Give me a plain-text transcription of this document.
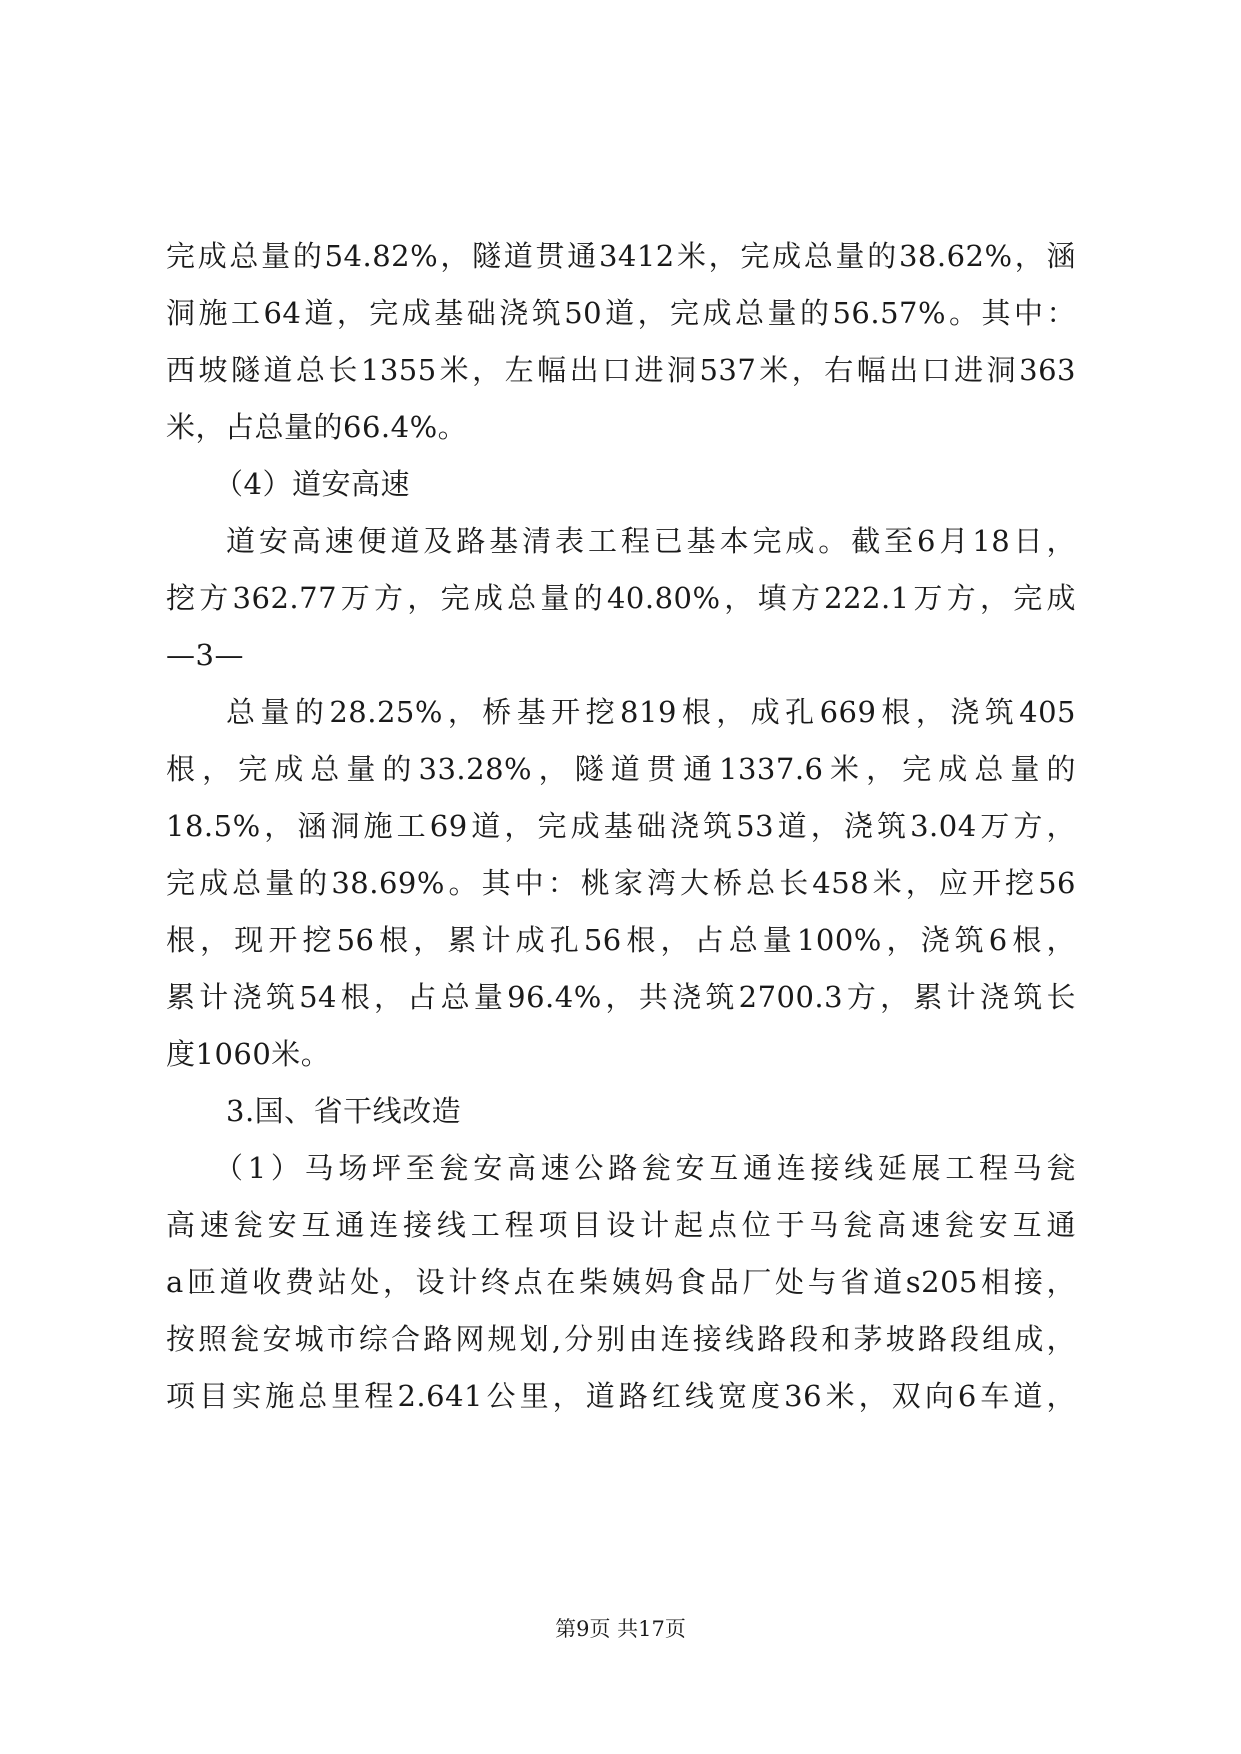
完成总量的54.82%，隧道贯通3412米，完成总量的38.62%，涵
洞施工64道，完成基础浇筑50道，完成总量的56.57%。其中：
西坡隧道总长1355米，左幅出口进洞537米，右幅出口进洞363
米，占总量的66.4%。
（4）道安高速
道安高速便道及路基清表工程已基本完成。截至6月18日，
挖方362.77万方，完成总量的40.80%，填方222.1万方，完成
—3—
总量的28.25%，桥基开挖819根，成孔669根，浇筑405
根，完成总量的33.28%，隧道贯通1337.6米，完成总量的
18.5%，涵洞施工69道，完成基础浇筑53道，浇筑3.04万方，
完成总量的38.69%。其中：桃家湾大桥总长458米，应开挖56
根，现开挖56根，累计成孔56根，占总量100%，浇筑6根，
累计浇筑54根，占总量96.4%，共浇筑2700.3方，累计浇筑长
度1060米。
3.国、省干线改造
（1）马场坪至瓮安高速公路瓮安互通连接线延展工程马瓮
高速瓮安互通连接线工程项目设计起点位于马瓮高速瓮安互通
a匝道收费站处，设计终点在柴姨妈食品厂处与省道s205相接，
按照瓮安城市综合路网规划,分别由连接线路段和茅坡路段组成，
项目实施总里程2.641公里，道路红线宽度36米，双向6车道，
第9页 共17页
